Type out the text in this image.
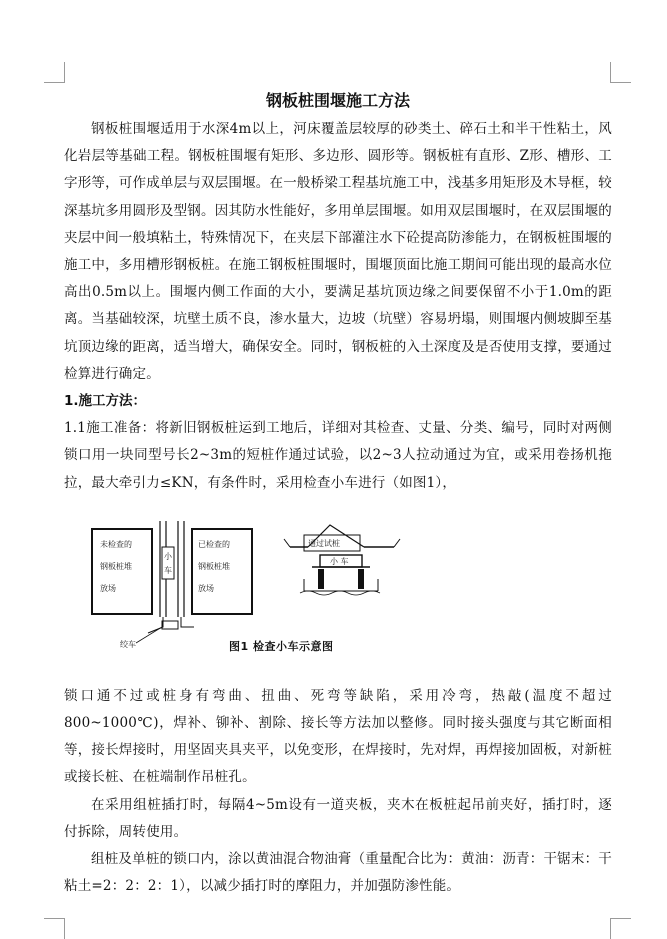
钢板桩围堰施工方法

钢板桩围堰适用于水深4m以上，河床覆盖层较厚的砂类土、碎石土和半干性粘土，风化岩层等基础工程。钢板桩围堰有矩形、多边形、圆形等。钢板桩有直形、Z形、槽形、工字形等，可作成单层与双层围堰。在一般桥梁工程基坑施工中，浅基多用矩形及木导框，较深基坑多用圆形及型钢。因其防水性能好，多用单层围堰。如用双层围堰时，在双层围堰的夹层中间一般填粘土，特殊情况下，在夹层下部灌注水下砼提高防渗能力，在钢板桩围堰的施工中，多用槽形钢板桩。在施工钢板桩围堰时，围堰顶面比施工期间可能出现的最高水位高出0.5m以上。围堰内侧工作面的大小，要满足基坑顶边缘之间要保留不小于1.0m的距离。当基础较深，坑壁土质不良，渗水量大，边坡（坑壁）容易坍塌，则围堰内侧坡脚至基坑顶边缘的距离，适当增大，确保安全。同时，钢板桩的入土深度及是否使用支撑，要通过检算进行确定。

1.施工方法：

1.1施工准备：将新旧钢板桩运到工地后，详细对其检查、丈量、分类、编号，同时对两侧锁口用一块同型号长2~3m的短桩作通过试验，以2~3人拉动通过为宜，或采用卷扬机拖拉，最大牵引力≤KN，有条件时，采用检查小车进行（如图1），

未检查的
钢板桩堆
放场
小
车
已检查的
钢板桩堆
放场
绞车
通过试桩
小 车
图1 检查小车示意图

锁口通不过或桩身有弯曲、扭曲、死弯等缺陷，采用冷弯，热敲(温度不超过800~1000℃)，焊补、铆补、割除、接长等方法加以整修。同时接头强度与其它断面相等，接长焊接时，用坚固夹具夹平，以免变形，在焊接时，先对焊，再焊接加固板，对新桩或接长桩、在桩端制作吊桩孔。

在采用组桩插打时，每隔4~5m设有一道夹板，夹木在板桩起吊前夹好，插打时，逐付拆除，周转使用。

组桩及单桩的锁口内，涂以黄油混合物油膏（重量配合比为：黄油：沥青：干锯末：干粘土=2：2：2：1），以减少插打时的摩阻力，并加强防渗性能。
